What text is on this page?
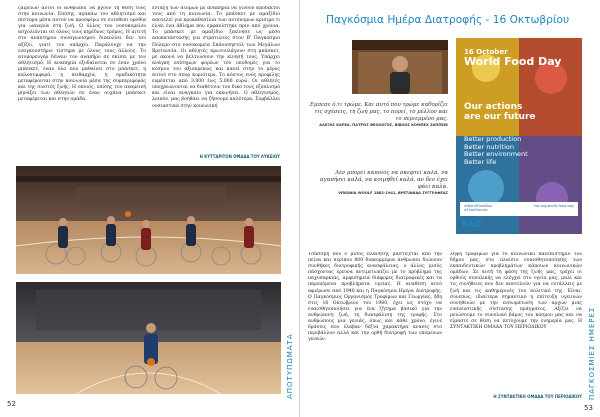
ζαιρέιων αυτοί οι άνθρωποι να βγουν τη θέση τους στην κοινωνία. Επίσης, αγαπάω του αθλητισμό και πίστεψα μέσα αυτού να προσφέρω σε ευτοθεσι οροθία για ωανερία στη ζωή. Ο ύλλος του νοσοκομείου ασχολιόνται σε όλους τους κηρίδους τρόμος. Η αιτιτή στο ανάπτηρου συναγωνισμού διεκολύει δεν του αξίζει, γιατί του υπάρχει. Παράλουχε να την εναγκουστήριε τίστημα με όλους τους άλλους. Το ατομορευγόρ δέναιν τον αναπήρο σε σκίσει με τον αθλητισμό. Η αναπηρία εξυδαίνεται σε έναν χρόνο μπάσκετ, έναν όλο που μαθαίνει στο μπάσκετ, η καλοσυμφορά, η πειθαρχία, η ομαδικότητα μεταφέρονται στην κοινωνία μέσα της συμπεριφοράς και της σωστός ζωής. Η οποιός, επίσης του αναμεινή μηνάξει των αθλητών σε έναν ουχάνα μπάσκετ μεταφέρεται και στην ομάδα.

ένταξη των ατόμων με αναπηρία να γίνουν αποδεκτοί τους από τη κοινωνία. Το μπάσκετ με αμαξίδιο αποτελεί για προκαθοσίλια των αυτόνομων κρίσιμο τι είναι ένα άθλημα που εμφανίστηκε πριν από χρόνια. Το μπάσκετ με αμαξίδιο ξεκίνησε ως μέσο αποκατάστασης για στρατιώτες στον Β' Παγκόσμιο Πόλεμο στο νοσοκομεία Σπάουνηστόλ των Μεγάλων Βρεταννία. Οι αθλητές πρωτουλάγουν στη μπάσκετ, με ακονό να βελτιώσουν την κίνησή τους. Υπάρχει ανάγκη επίσημων φορέων του υποδομές για το κόσμου του αξιοπρεπώς και κανεί στην το μέρος αυτού στο σπορ κυριότερο. Το κόστος ενός προφίλης ευμέσεται από 3.000 έως 5.000 ευρώ. Οι αθλητές υποχρεώνονται να διαθέτουν τον δικό τους εξοπλισμό και είναι αναγκαίο για εκκινήσει. Ο αθλητισμός, λοιπόν, μας βοηθάει να ζήσουμε καλύτερα. Συμβάλλει ουσιαστικά στην κοινωνική

Η ΚΥΤΤΑΡΙΤΟΝ ΟΜΑΔΑ ΤΟΥ ΛΥΚΕΙΟΥ
ΑΠΟΤΥΠΩΜΑΤΑ
52
Παγκόσμια Ημέρα Διατροφής - 16 Οκτωβρίου

Εμπεσε ό,τι τρώμε. Και αυτό που τρώμε καθορίζει τις σχέσεις, τη ζωή μας, το πορεί, το μέλλον και το περιεμμένο μας.

ΑΛΕΞΗΣ ΚΑΡΕΑ, ΠΑΤΡΟΣ ΘΕΟΛΟΓΟΣ, ΒΙΒΛΟΣ ΚΟΜΠΕΧ ΖΑΠΠΕΙΚ

Δεν μπορεί κάποιος να σκεφτεί καλά, να αγαπήσει καλά, να κοιμηθεί καλά, αν δεν έχει φάει καλά.

VIRGINIA WOOLF 1882-1941, ΒΡΕΤΑΝΙΔΑ ΣΥΓΓΡΑΦΕΑΣ
16 October
World Food Day
Our actions
are our future
Better production
Better nutrition
Better environment
Better life
#WorldFoodDay
#FoodHeroes
fao.org/world-food-day
FAO

Τσάσσμη που ο μισός πλανήτης μαστίζεται από την πείνα και περίπου 800 διακομμύρια άνθρωποι διώνουν συνθήκες διατροφικής ανασφάλειας, ο άλλος μισός πάσχοντας έρευνα αντιμετωπίζει με το πρόβλημα της παχυσαρκίας, αμφισημεία διάφορες διατροφικές και τα παρεπόμενα προβλήματα υγείας. Η αναθέση αυτό αφιέρωσε από 1940 και η Παγκόσμια Ημέρα Διατροφής. Ο Παγκόσμιος Οργανισμός Τροφίμων και Γεωργίας, ήδη στις 16 Οκτωβρίου του 1980, έχει ως στόχο να ευαισθητοποιήσει για ένα ζήτημα βασικό για την ανθρώπινη ζωή, τη διασφάλιση της τροφής. Στο ανθρώπους μια γενιάς, όπως και κάθε χρόνο, έγινε δράσεις που έλαβαν δεξτα χαρακτήρα ανασίς στο περιβάλλον αλλά και την ορθή διατροφή των επόμενων γενεών.

ληψη τροφίμων για το κοινωνικό πανεπιστημίο του δήμου μας, στο πλαίσιο ευαισθητοποίησης των εκπαιδευτικών προβλημάτων κάποιων κοινωνικών ομάδων. Σε αυτή τη φάση της ζωής μας, τρέχει οι ορθούς συνολικής να ελέγχει στο υγεία μας, μαλί και τις συνήθειες που δεν αποτελούν για να εντάλλεις με ζωή και τις καθημερινές του πολιτικό της. Είναι, συνεπώς, ιδιαίτερα σημαντικό η επίτευξη υγειινών συνηθειών με την ενσωμάτωση των αρχών μιας ευπνευστικής σύστασης πράγματος. Αξίζει να μειώσουμε το συνολικό βάρος του κόσμου μας και να είμαστε σε θέση να πετύχουμε την ευημερία μας. Η ΣΥΝΤΑΚΤΙΚΗ ΟΜΑΔΑ ΤΟΥ ΠΕΡΙΟΔΙΚΟΥ

Η ΣΥΝΤΑΚΤΙΚΗ ΟΜΑΔΑ ΤΟΥ ΠΕΡΙΟΔΙΚΟΥ ΠΑΓΚΟΣΜΙΕΣ ΗΜΕΡΕΣ
53
